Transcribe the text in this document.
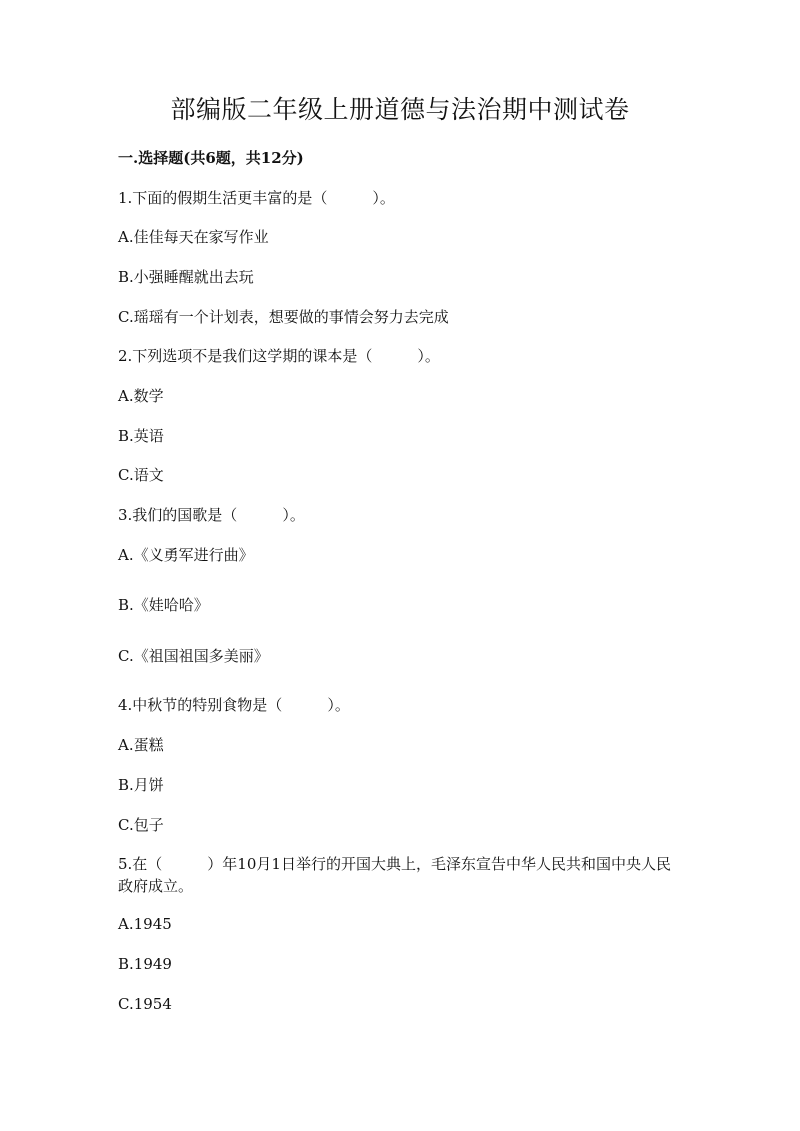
部编版二年级上册道德与法治期中测试卷
一.选择题(共6题，共12分)
1.下面的假期生活更丰富的是（　　　）。
A.佳佳每天在家写作业
B.小强睡醒就出去玩
C.瑶瑶有一个计划表，想要做的事情会努力去完成
2.下列选项不是我们这学期的课本是（　　　）。
A.数学
B.英语
C.语文
3.我们的国歌是（　　　）。
A.《义勇军进行曲》
B.《娃哈哈》
C.《祖国祖国多美丽》
4.中秋节的特别食物是（　　　）。
A.蛋糕
B.月饼
C.包子
5.在（　　　）年10月1日举行的开国大典上，毛泽东宣告中华人民共和国中央人民政府成立。
A.1945
B.1949
C.1954
